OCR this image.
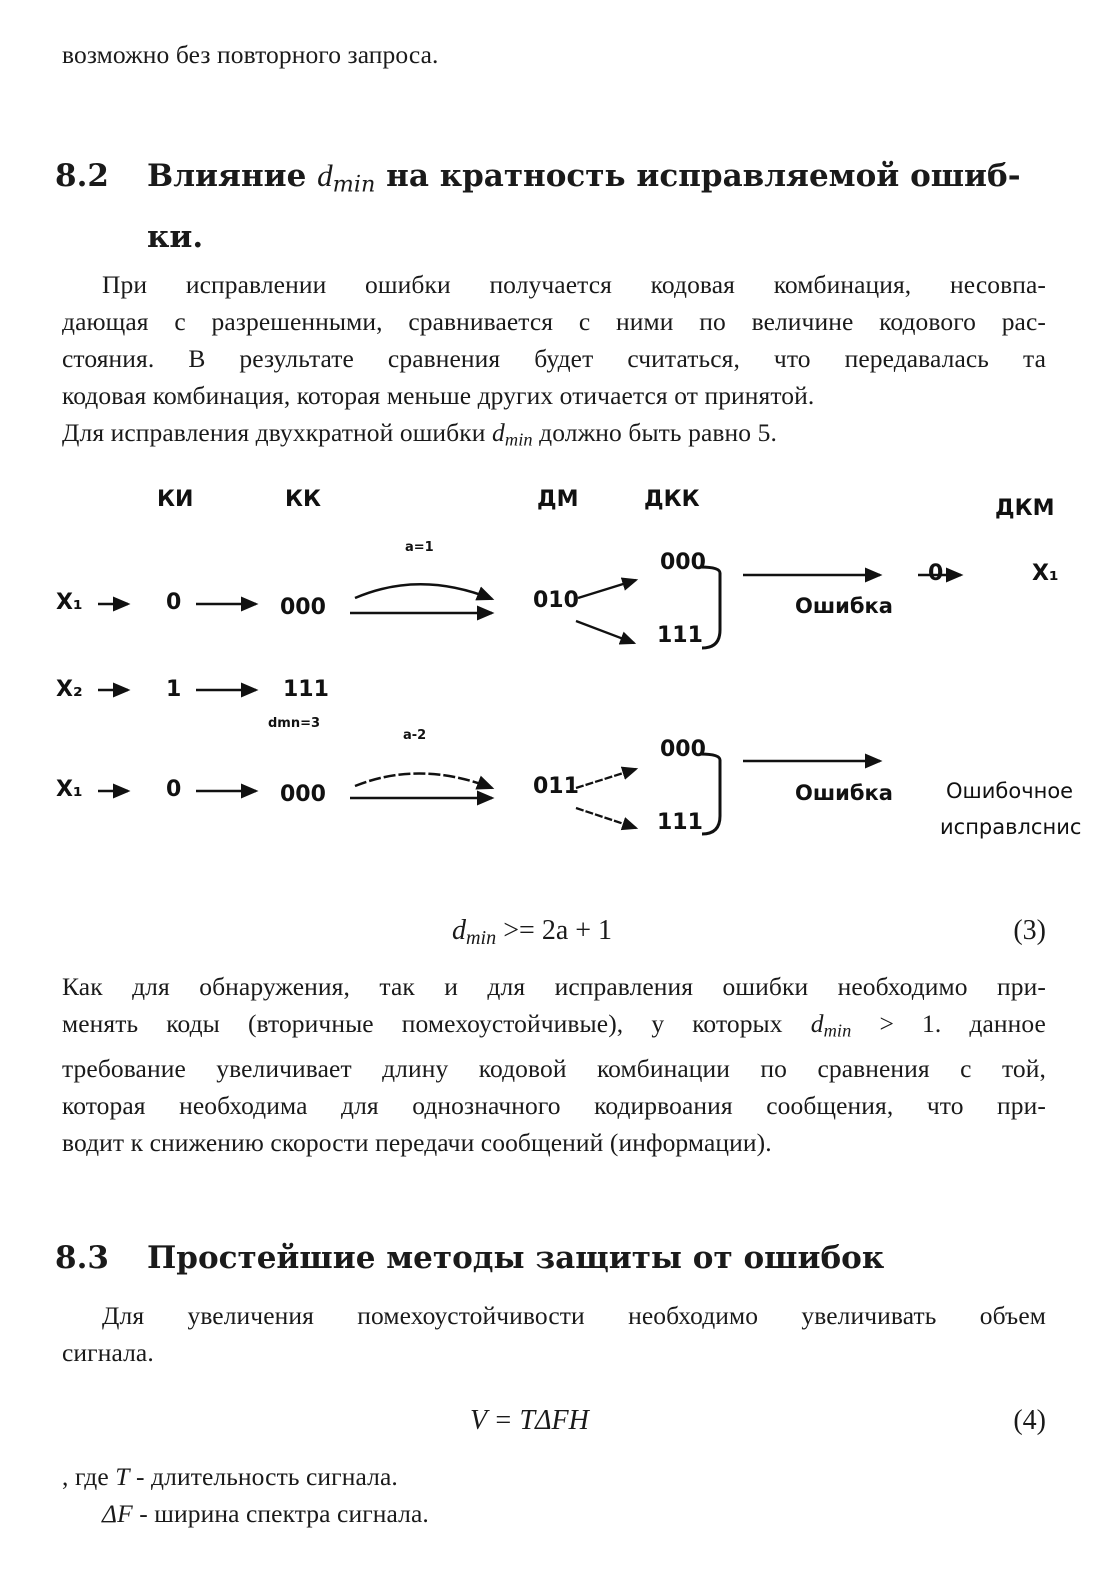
возможно без повторного запроса.
8.2 Влияние $d_{min}$ на кратность исправляемой ошиб-
ки.
При исправлении ошибки получается кодовая комбинация, несовпа-
дающая с разрешенными, сравнивается с ними по величине кодового рас-
стояния. В результате сравнения будет считаться, что передавалась та
кодовая комбинация, которая меньше других отичается от принятой.
Для исправления двухкратной ошибки $d_{min}$ должно быть равно 5.
КИ	КК	ДМ	ДКК	ДКМ
X₁	0	000
a=1
010
000
111
Ошибка
0	X₁
X₂	1	111
dmn=3
X₁	0	000
a-2
011
000
111
Ошибка	Ошибочное
исправлснис
$d_{min} >= 2a + 1$	(3)
Как для обнаружения, так и для исправления ошибки необходимо при-
менять коды (вторичные помехоустойчивые), у которых $d_{min} > 1$. данное
требование увеличивает длину кодовой комбинации по сравнения с той,
которая необходима для однозначного кодирвоания сообщения, что при-
водит к снижению скорости передачи сообщений (информации).
8.3 Простейшие методы защиты от ошибок
Для увеличения помехоустойчивости необходимо увеличивать объем
сигнала.
V = TΔFH	(4)
, где T - длительность сигнала.
ΔF - ширина спектра сигнала.
